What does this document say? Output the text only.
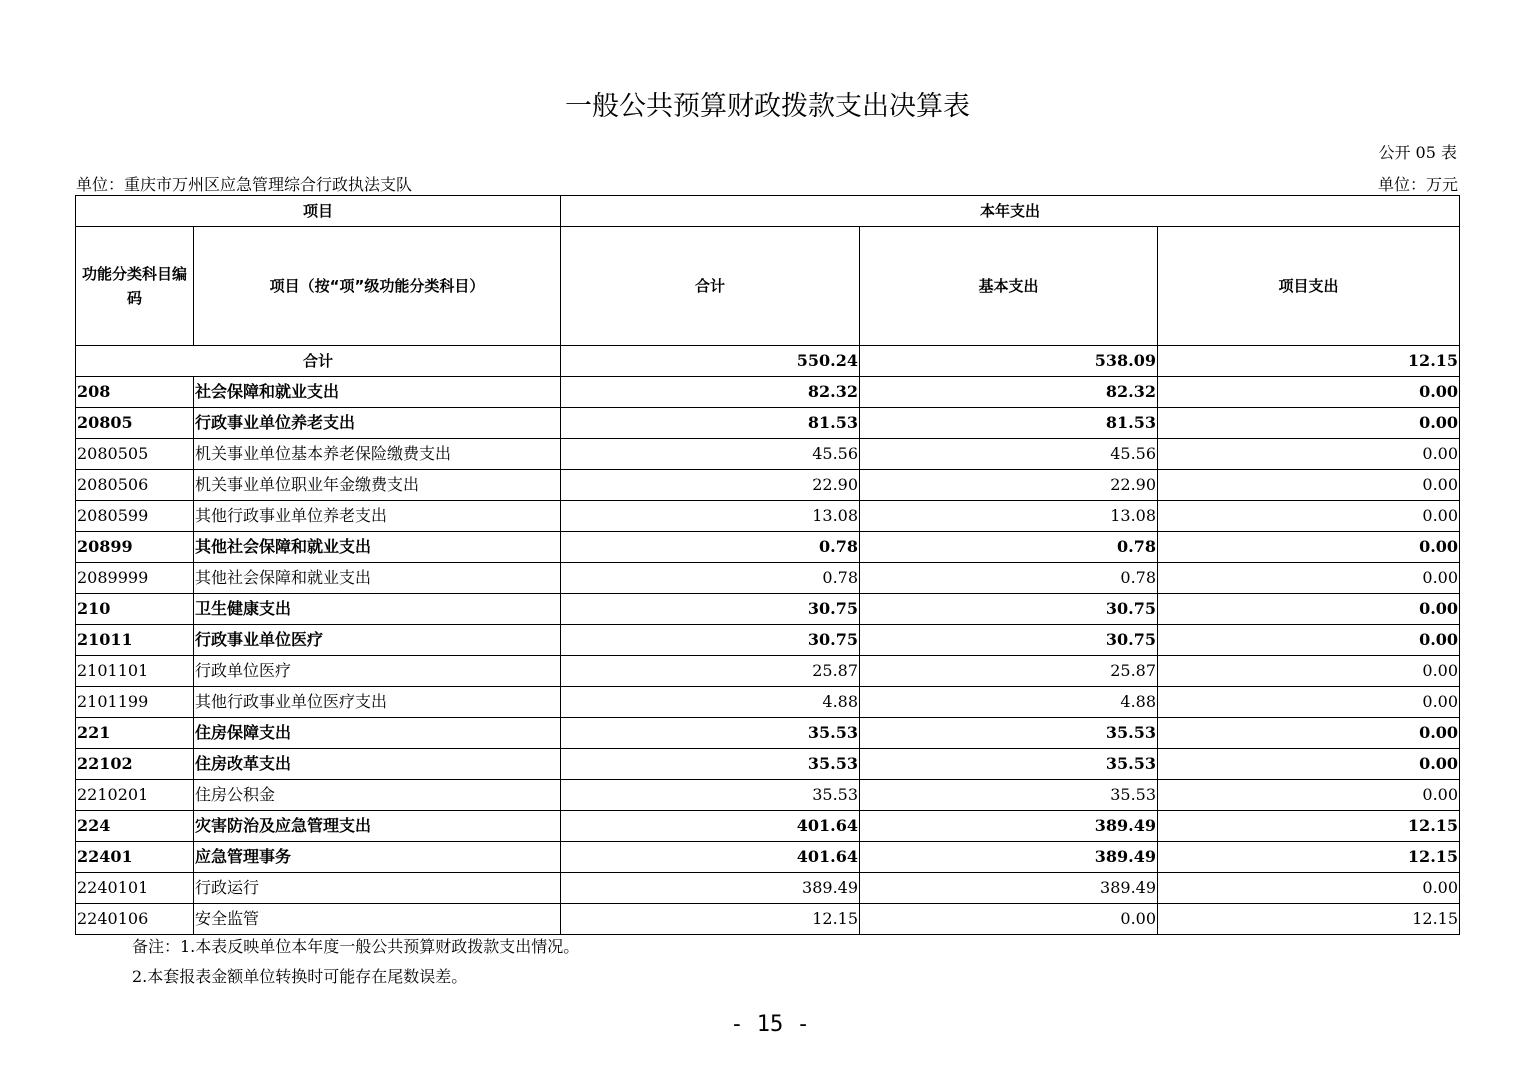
一般公共预算财政拨款支出决算表
公开 05 表
单位：重庆市万州区应急管理综合行政执法支队	单位：万元
项目		本年支出		
功能分类科目编码	项目（按“项”级功能分类科目）	合计	基本支出	项目支出
合计		550.24	538.09	12.15
208	社会保障和就业支出	82.32	82.32	0.00
20805	行政事业单位养老支出	81.53	81.53	0.00
2080505	机关事业单位基本养老保险缴费支出	45.56	45.56	0.00
2080506	机关事业单位职业年金缴费支出	22.90	22.90	0.00
2080599	其他行政事业单位养老支出	13.08	13.08	0.00
20899	其他社会保障和就业支出	0.78	0.78	0.00
2089999	其他社会保障和就业支出	0.78	0.78	0.00
210	卫生健康支出	30.75	30.75	0.00
21011	行政事业单位医疗	30.75	30.75	0.00
2101101	行政单位医疗	25.87	25.87	0.00
2101199	其他行政事业单位医疗支出	4.88	4.88	0.00
221	住房保障支出	35.53	35.53	0.00
22102	住房改革支出	35.53	35.53	0.00
2210201	住房公积金	35.53	35.53	0.00
224	灾害防治及应急管理支出	401.64	389.49	12.15
22401	应急管理事务	401.64	389.49	12.15
2240101	行政运行	389.49	389.49	0.00
2240106	安全监管	12.15	0.00	12.15
备注：1.本表反映单位本年度一般公共预算财政拨款支出情况。
2.本套报表金额单位转换时可能存在尾数误差。
- 15 -
